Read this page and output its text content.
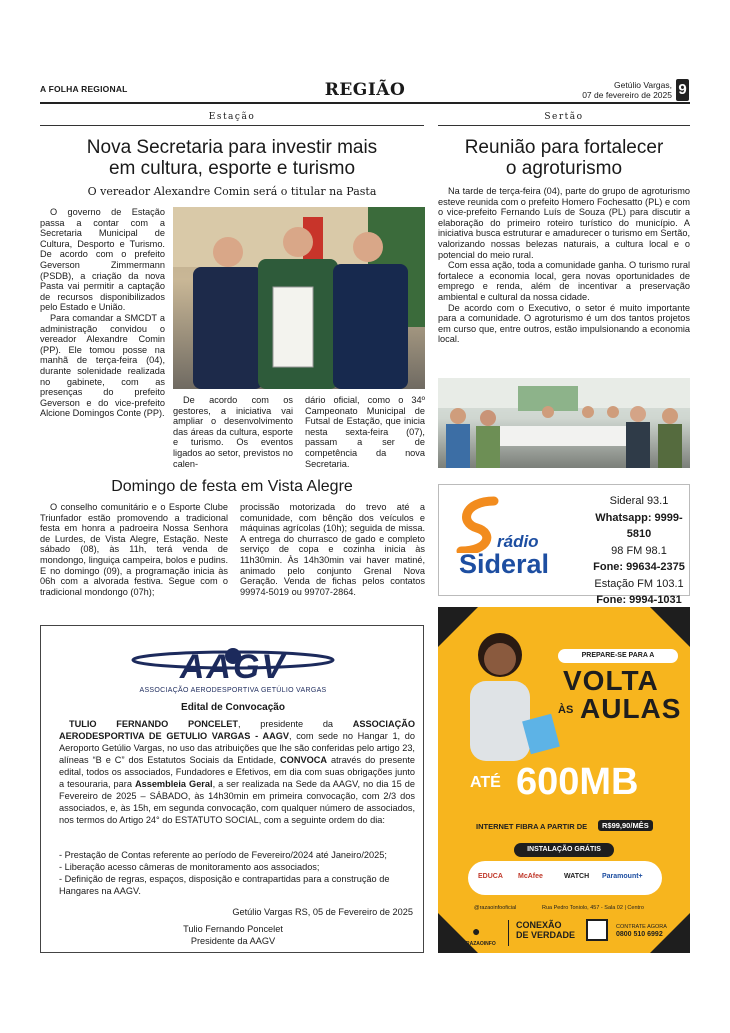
A FOLHA REGIONAL	REGIÃO	Getúlio Vargas,
07 de fevereiro de 2025 9
Estação
Nova Secretaria para investir mais
em cultura, esporte e turismo
O vereador Alexandre Comin será o titular na Pasta

O governo de Estação passa a contar com a Secretaria Municipal de Cultura, Desporto e Turismo. De acordo com o prefeito Geverson Zimmermann (PSDB), a criação da nova Pasta vai permitir a captação de recursos disponibilizados pelo Estado e União.

Para comandar a SMCDT a administração convidou o vereador Alexandre Comin (PP). Ele tomou posse na manhã de terça-feira (04), durante solenidade realizada no gabinete, com as presenças do prefeito Geverson e do vice-prefeito Alcione Domingos Conte (PP).

De acordo com os gestores, a iniciativa vai ampliar o desenvolvimento das áreas da cultura, esporte e turismo. Os eventos ligados ao setor, previstos no calen-

dário oficial, como o 34º Campeonato Municipal de Futsal de Estação, que inicia nesta sexta-feira (07), passam a ser de competência da nova Secretaria.

Sertão
Reunião para fortalecer
o agroturismo

Na tarde de terça-feira (04), parte do grupo de agroturismo esteve reunida com o prefeito Homero Fochesatto (PL) e com o vice-prefeito Fernando Luís de Souza (PL) para discutir a elaboração do primeiro roteiro turístico do município. A iniciativa busca estruturar e amadurecer o turismo em Sertão, valorizando nossas belezas naturais, a cultura local e o potencial do meio rural.

Com essa ação, toda a comunidade ganha. O turismo rural fortalece a economia local, gera novas oportunidades de emprego e renda, além de incentivar a preservação ambiental e cultural da nossa cidade.

De acordo com o Executivo, o setor é muito importante para a comunidade. O agroturismo é um dos tantos projetos em curso que, entre outros, estão impulsionando a economia local.

Domingo de festa em Vista Alegre

O conselho comunitário e o Esporte Clube Triunfador estão promovendo a tradicional festa em honra a padroeira Nossa Senhora de Lurdes, de Vista Alegre, Estação. Neste sábado (08), às 11h, terá venda de mondongo, linguiça campeira, bolos e pudins. E no domingo (09), a programação inicia às 06h com a alvorada festiva. Segue com o tradicional mondongo (07h);

procissão motorizada do trevo até a comunidade, com bênção dos veículos e máquinas agrícolas (10h); seguida de missa. A entrega do churrasco de gado e completo serviço de copa e cozinha inicia às 11h30min. Às 14h30min vai haver matiné, animado pelo conjunto Grenal Nova Geração. Venda de fichas pelos contatos 99974-5019 ou 99707-2864.

rádio
Sideral
Sideral 93.1
Whatsapp: 9999-5810
98 FM 98.1
Fone: 99634-2375
Estação FM 103.1
Fone: 9994-1031
AAGV
ASSOCIAÇÃO AERODESPORTIVA GETÚLIO VARGAS
Edital de Convocação
TULIO FERNANDO PONCELET, presidente da ASSOCIAÇÃO AERODESPORTIVA DE GETULIO VARGAS - AAGV, com sede no Hangar 1, do Aeroporto Getúlio Vargas, no uso das atribuições que lhe são conferidas pelo artigo 23, alíneas “B e C” dos Estatutos Sociais da Entidade, CONVOCA através do presente edital, todos os associados, Fundadores e Efetivos, em dia com suas obrigações junto a tesouraria, para Assembleia Geral, a ser realizada na Sede da AAGV, no dia 15 de Fevereiro de 2025 – SÁBADO, às 14h30min em primeira convocação, com 2/3 dos associados, e, às 15h, em segunda convocação, com qualquer número de associados, nos termos do Artigo 24° do ESTATUTO SOCIAL, com a seguinte ordem do dia:
- Prestação de Contas referente ao período de Fevereiro/2024 até Janeiro/2025;
- Liberação acesso câmeras de monitoramento aos associados;
- Definição de regras, espaços, disposição e contrapartidas para a construção de Hangares na AAGV.
Getúlio Vargas RS, 05 de Fevereiro de 2025
Tulio Fernando Poncelet
Presidente da AAGV
PREPARE-SE PARA A
VOLTA
ÀS AULAS
ATÉ 600MB
INTERNET FIBRA A PARTIR DE	R$99,90/MÊS
INSTALAÇÃO GRÁTIS
EDUCA McAfee	WATCH Paramount+
@razaoinfooficial	Rua Pedro Toniolo, 457 - Sala 02 | Centro
●
RAZAOINFO
CONEXÃO
DE VERDADE
CONTRATE AGORA
0800 510 6992
